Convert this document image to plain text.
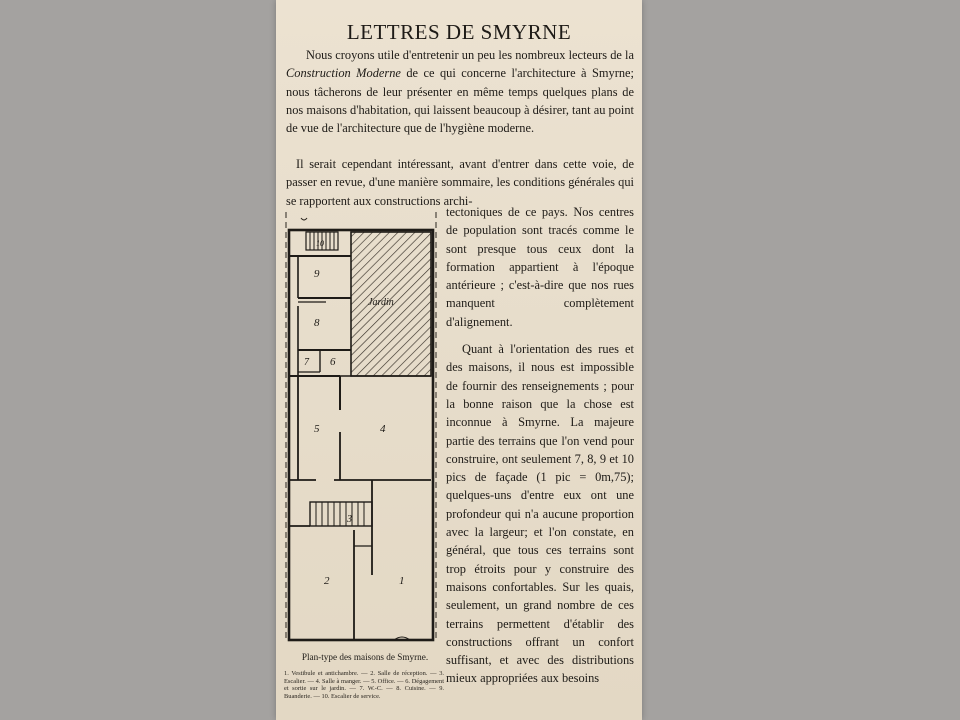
LETTRES DE SMYRNE
Nous croyons utile d'entretenir un peu les nombreux lecteurs de la Construction Moderne de ce qui concerne l'architecture à Smyrne; nous tâcherons de leur présenter en même temps quelques plans de nos maisons d'habitation, qui laissent beaucoup à désirer, tant au point de vue de l'architecture que de l'hygiène moderne.
Il serait cependant intéressant, avant d'entrer dans cette voie, de passer en revue, d'une manière sommaire, les conditions générales qui se rapportent aux constructions archi-

tectoniques de ce pays. Nos centres de population sont tracés comme le sont presque tous ceux dont la formation appartient à l'époque antérieure ; c'est-à-dire que nos rues manquent complètement d'alignement.

Quant à l'orientation des rues et des maisons, il nous est impossible de fournir des renseignements ; pour la bonne raison que la chose est inconnue à Smyrne. La majeure partie des terrains que l'on vend pour construire, ont seulement 7, 8, 9 et 10 pics de façade (1 pic = 0m,75); quelques-uns d'entre eux ont une profondeur qui n'a aucune proportion avec la largeur; et l'on constate, en général, que tous ces terrains sont trop étroits pour y construire des maisons confortables. Sur les quais, seulement, un grand nombre de ces terrains permettent d'établir des constructions offrant un confort suffisant, et avec des distributions mieux appropriées aux besoins

10
9
8
7 6
Jardin
5	4
3
2	1
Plan-type des maisons de Smyrne.
1. Vestibule et antichambre. — 2. Salle de réception. — 3. Escalier. — 4. Salle à manger. — 5. Office. — 6. Dégagement et sortie sur le jardin. — 7. W.-C. — 8. Cuisine. — 9. Buanderie. — 10. Escalier de service.
